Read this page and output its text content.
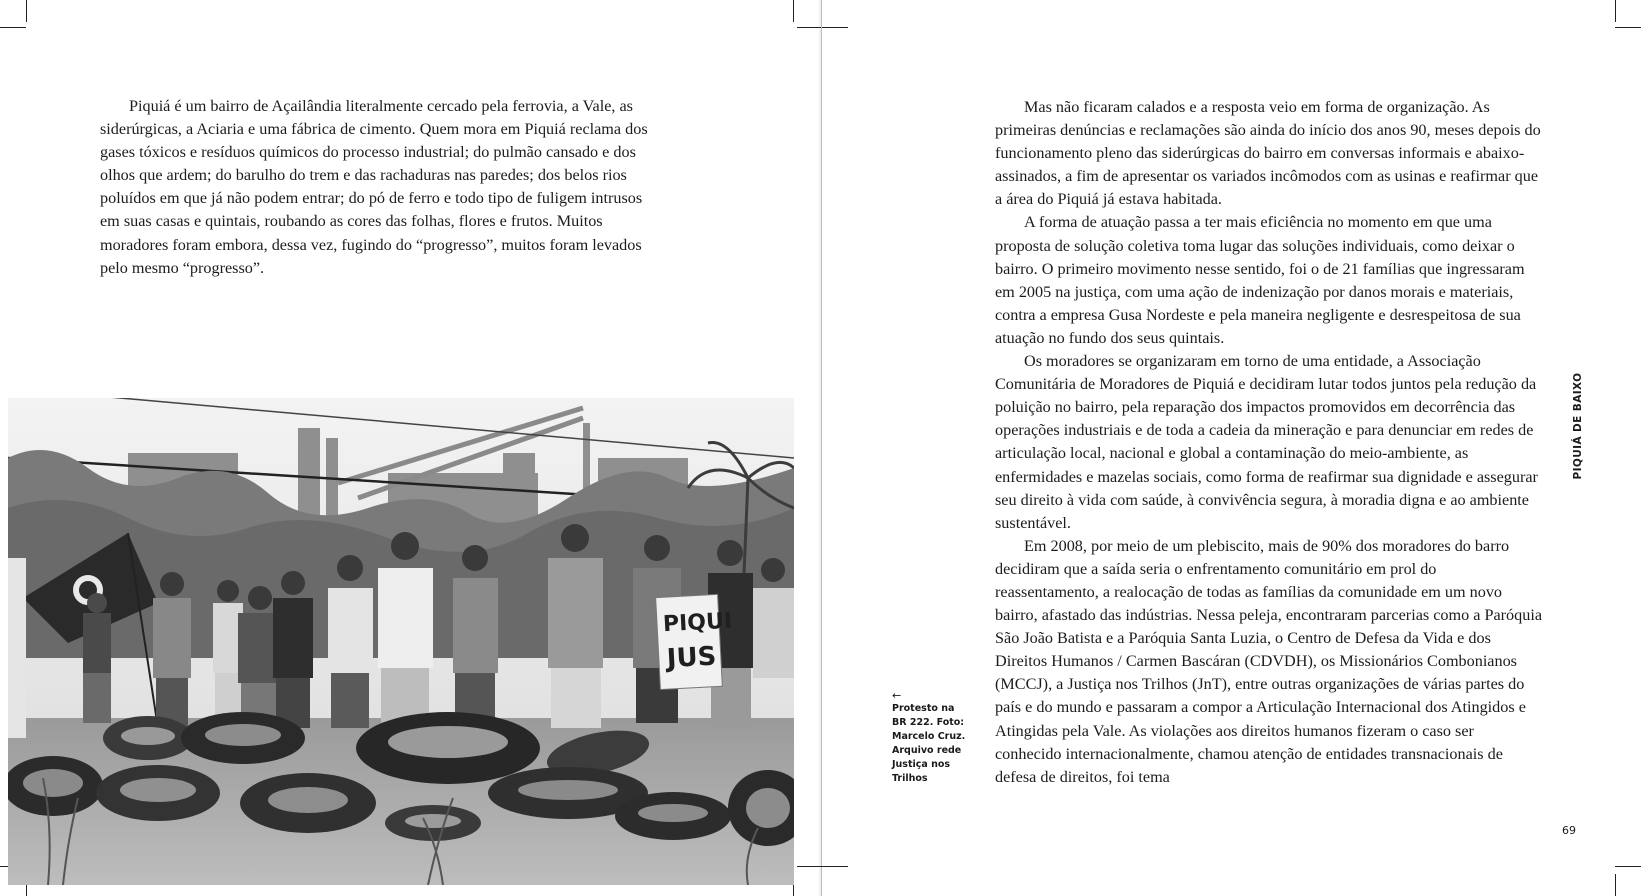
Piquiá é um bairro de Açailândia literalmente cercado pela ferrovia, a Vale, as siderúrgicas, a Aciaria e uma fábrica de cimento. Quem mora em Piquiá reclama dos gases tóxicos e resíduos químicos do processo industrial; do pulmão cansado e dos olhos que ardem; do barulho do trem e das rachaduras nas paredes; dos belos rios poluídos em que já não podem entrar; do pó de ferro e todo tipo de fuligem intrusos em suas casas e quintais, roubando as cores das folhas, flores e frutos. Muitos moradores foram embora, dessa vez, fugindo do “progresso”, muitos foram levados pelo mesmo “progresso”.

PIQUI
JUS
←
Protesto na BR 222. Foto: Marcelo Cruz. Arquivo rede Justiça nos Trilhos

Mas não ficaram calados e a resposta veio em forma de organização. As primeiras denúncias e reclamações são ainda do início dos anos 90, meses depois do funcionamento pleno das siderúrgicas do bairro em conversas informais e abaixo-assinados, a fim de apresentar os variados incômodos com as usinas e reafirmar que a área do Piquiá já estava habitada.

A forma de atuação passa a ter mais eficiência no momento em que uma proposta de solução coletiva toma lugar das soluções individuais, como deixar o bairro. O primeiro movimento nesse sentido, foi o de 21 famílias que ingressaram em 2005 na justiça, com uma ação de indenização por danos morais e materiais, contra a empresa Gusa Nordeste e pela maneira negligente e desrespeitosa de sua atuação no fundo dos seus quintais.

Os moradores se organizaram em torno de uma entidade, a Associação Comunitária de Moradores de Piquiá e decidiram lutar todos juntos pela redução da poluição no bairro, pela reparação dos impactos promovidos em decorrência das operações industriais e de toda a cadeia da mineração e para denunciar em redes de articulação local, nacional e global a contaminação do meio-ambiente, as enfermidades e mazelas sociais, como forma de reafirmar sua dignidade e assegurar seu direito à vida com saúde, à convivência segura, à moradia digna e ao ambiente sustentável.

Em 2008, por meio de um plebiscito, mais de 90% dos moradores do barro decidiram que a saída seria o enfrentamento comunitário em prol do reassentamento, a realocação de todas as famílias da comunidade em um novo bairro, afastado das indústrias. Nessa peleja, encontraram parcerias como a Paróquia São João Batista e a Paróquia Santa Luzia, o Centro de Defesa da Vida e dos Direitos Humanos / Carmen Bascáran (CDVDH), os Missionários Combonianos (MCCJ), a Justiça nos Trilhos (JnT), entre outras organizações de várias partes do país e do mundo e passaram a compor a Articulação Internacional dos Atingidos e Atingidas pela Vale. As violações aos direitos humanos fizeram o caso ser conhecido internacionalmente, chamou atenção de entidades transnacionais de defesa de direitos, foi tema

PIQUIÁ DE BAIXO
69
